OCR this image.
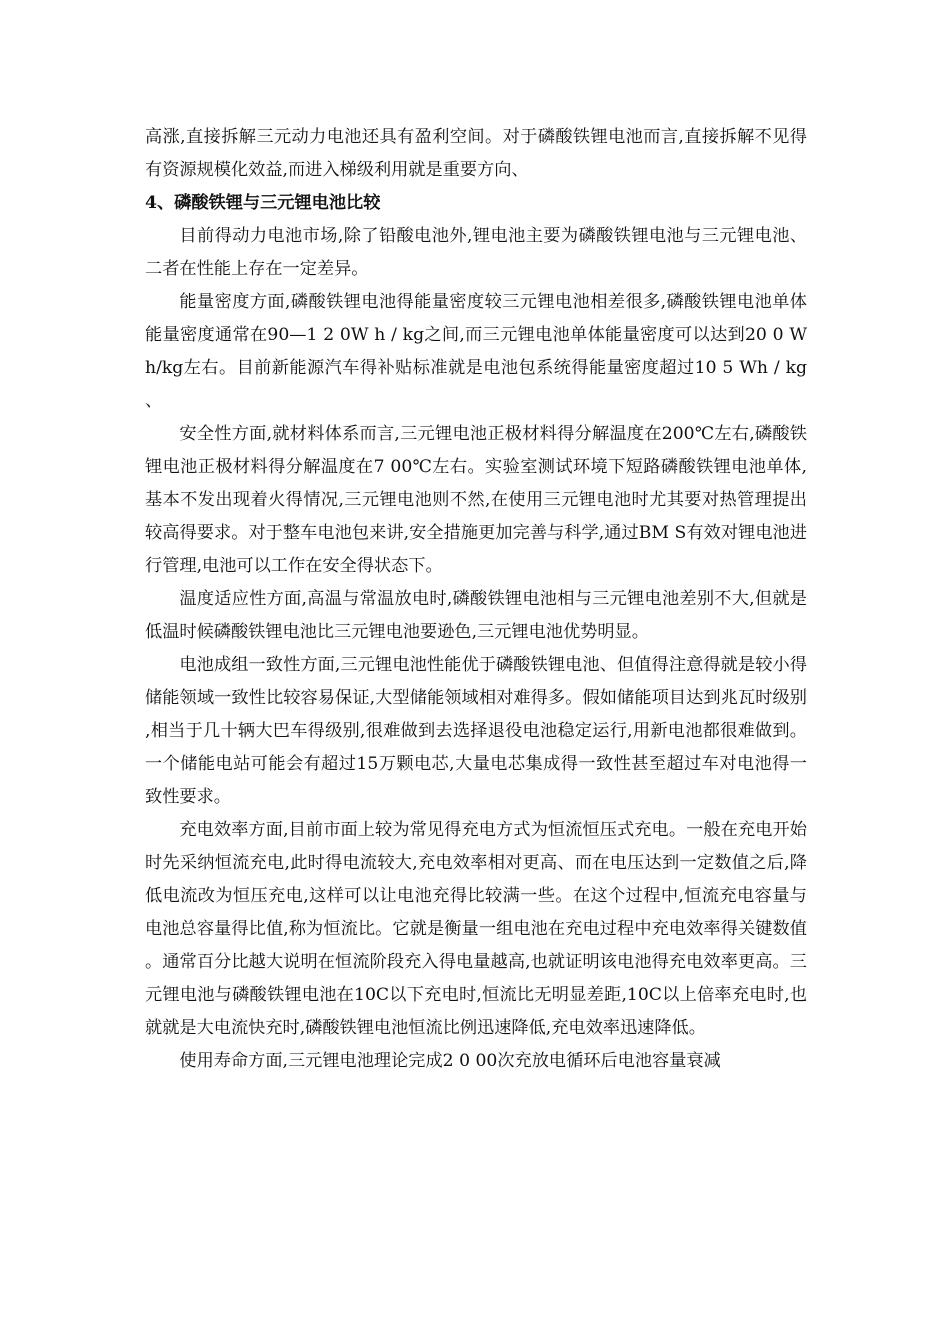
高涨,直接拆解三元动力电池还具有盈利空间。对于磷酸铁锂电池而言,直接拆解不见得有资源规模化效益,而进入梯级利用就是重要方向、

4、磷酸铁锂与三元锂电池比较

目前得动力电池市场,除了铅酸电池外,锂电池主要为磷酸铁锂电池与三元锂电池、二者在性能上存在一定差异。

能量密度方面,磷酸铁锂电池得能量密度较三元锂电池相差很多,磷酸铁锂电池单体能量密度通常在90—1 2 0W h / kg之间,而三元锂电池单体能量密度可以达到20 0 W h/kg左右。目前新能源汽车得补贴标准就是电池包系统得能量密度超过10 5 Wh / kg、

安全性方面,就材料体系而言,三元锂电池正极材料得分解温度在200℃左右,磷酸铁锂电池正极材料得分解温度在7 00℃左右。实验室测试环境下短路磷酸铁锂电池单体,基本不发出现着火得情况,三元锂电池则不然,在使用三元锂电池时尤其要对热管理提出较高得要求。对于整车电池包来讲,安全措施更加完善与科学,通过BM S有效对锂电池进行管理,电池可以工作在安全得状态下。

温度适应性方面,高温与常温放电时,磷酸铁锂电池相与三元锂电池差别不大,但就是低温时候磷酸铁锂电池比三元锂电池要逊色,三元锂电池优势明显。

电池成组一致性方面,三元锂电池性能优于磷酸铁锂电池、但值得注意得就是较小得储能领域一致性比较容易保证,大型储能领域相对难得多。假如储能项目达到兆瓦时级别,相当于几十辆大巴车得级别,很难做到去选择退役电池稳定运行,用新电池都很难做到。一个储能电站可能会有超过15万颗电芯,大量电芯集成得一致性甚至超过车对电池得一致性要求。

充电效率方面,目前市面上较为常见得充电方式为恒流恒压式充电。一般在充电开始时先采纳恒流充电,此时得电流较大,充电效率相对更高、而在电压达到一定数值之后,降低电流改为恒压充电,这样可以让电池充得比较满一些。在这个过程中,恒流充电容量与电池总容量得比值,称为恒流比。它就是衡量一组电池在充电过程中充电效率得关键数值。通常百分比越大说明在恒流阶段充入得电量越高,也就证明该电池得充电效率更高。三元锂电池与磷酸铁锂电池在10C以下充电时,恒流比无明显差距,10C以上倍率充电时,也就就是大电流快充时,磷酸铁锂电池恒流比例迅速降低,充电效率迅速降低。

使用寿命方面,三元锂电池理论完成2 0 00次充放电循环后电池容量衰减
